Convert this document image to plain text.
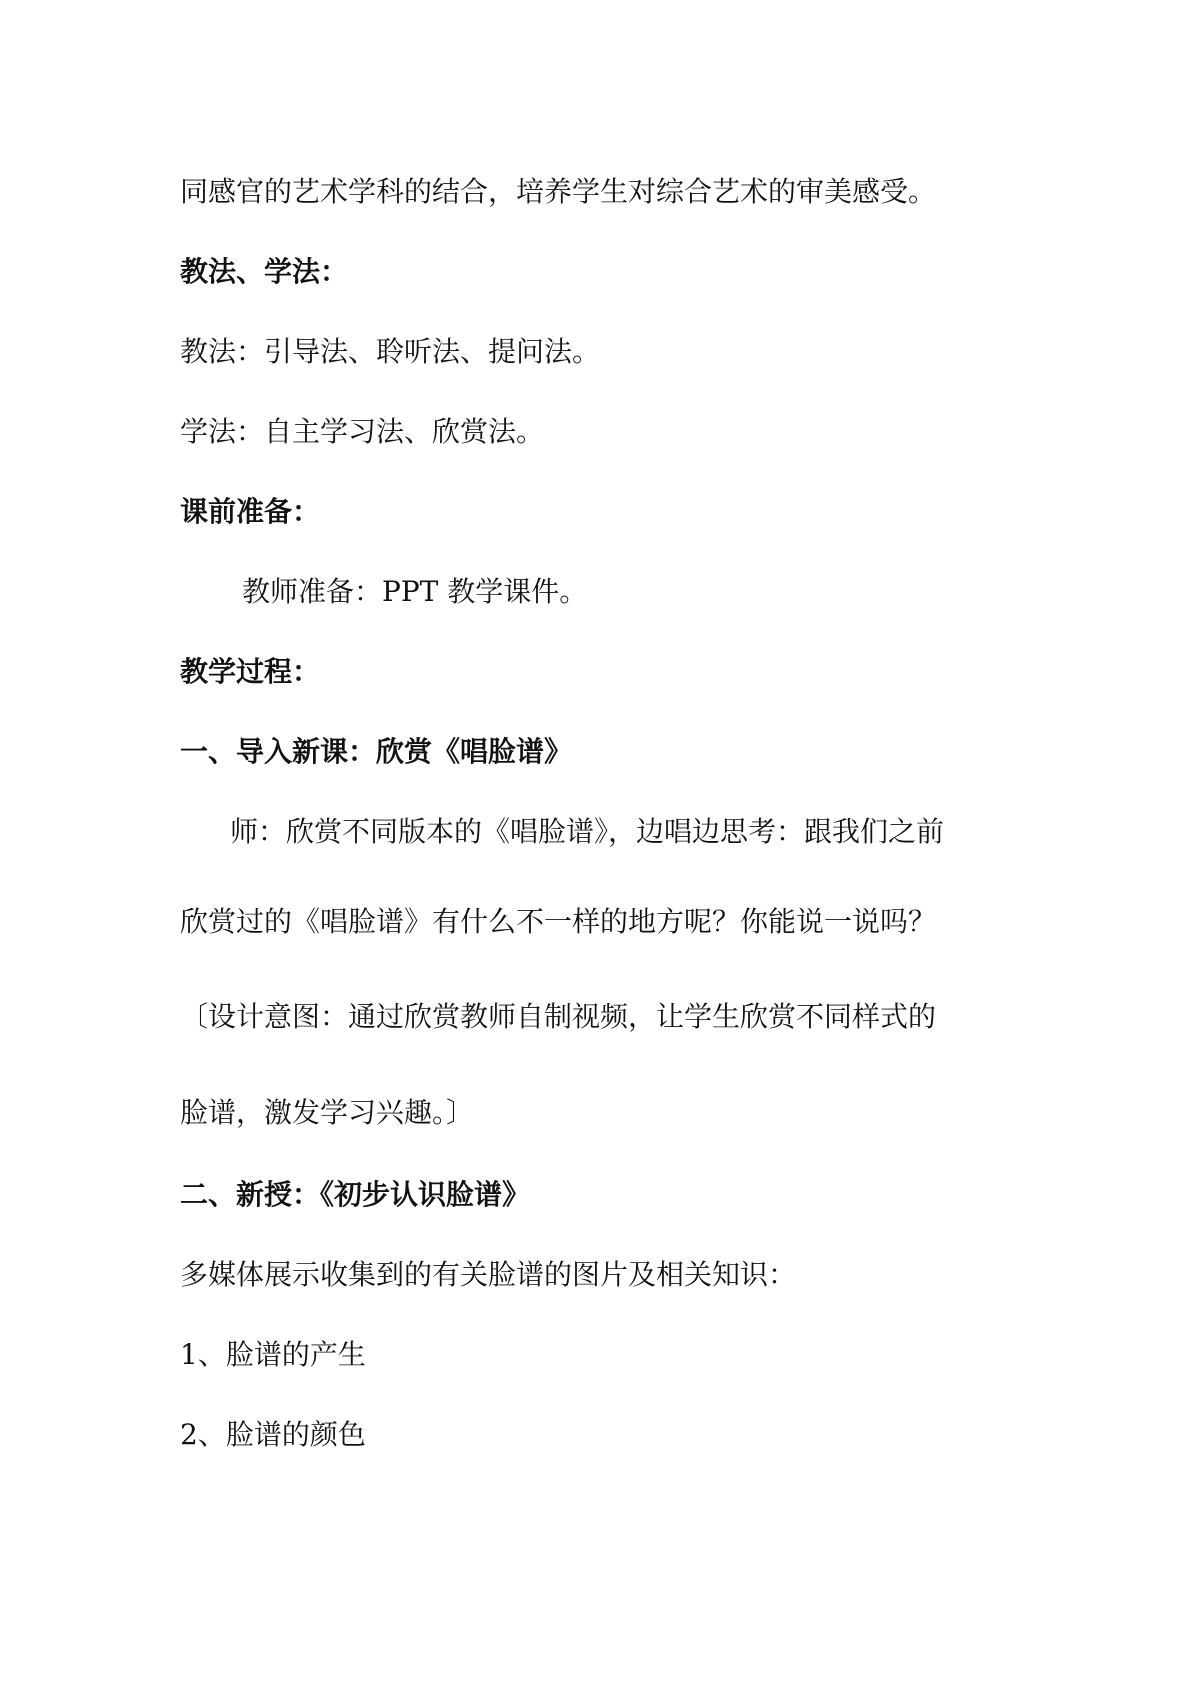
同感官的艺术学科的结合，培养学生对综合艺术的审美感受。
教法、学法：
教法：引导法、聆听法、提问法。
学法：自主学习法、欣赏法。
课前准备：
教师准备：PPT 教学课件。
教学过程：
一、导入新课：欣赏《唱脸谱》
师：欣赏不同版本的《唱脸谱》，边唱边思考：跟我们之前
欣赏过的《唱脸谱》有什么不一样的地方呢？你能说一说吗？
〔设计意图：通过欣赏教师自制视频，让学生欣赏不同样式的
脸谱，激发学习兴趣。〕
二、新授：《初步认识脸谱》
多媒体展示收集到的有关脸谱的图片及相关知识：
1、脸谱的产生
2、脸谱的颜色
